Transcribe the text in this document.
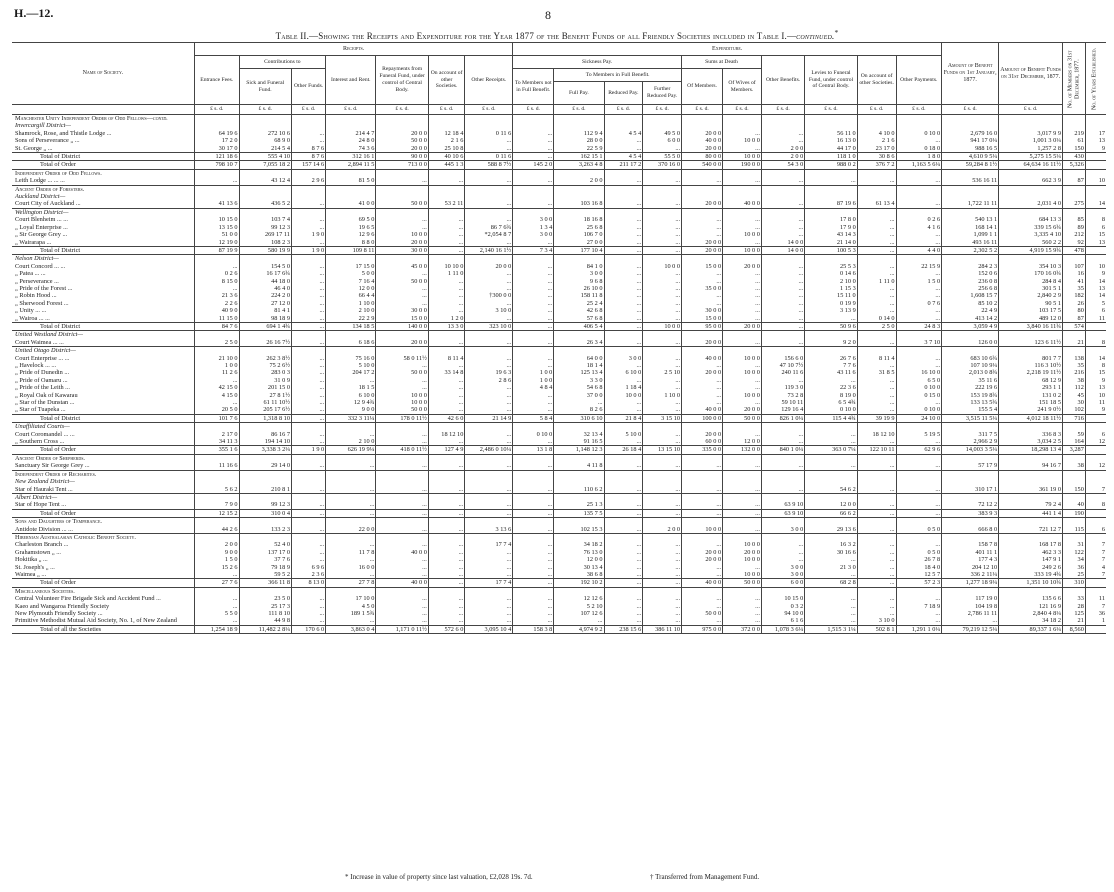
H.—12.	8
Table II.—Showing the Receipts and Expenditure for the Year 1877 of the Benefit Funds of all Friendly Societies included in Table I.—continued.*
Name of Society.	Receipts.							Expenditure.										Amount of Benefit Funds on 1st January, 1877.	Amount of Benefit Funds on 31st December, 1877.	No. of Members on 31st December, 1877.	No. of Years Established.
	Entrance Fees.	Contributions to		Interest and Rent.	Repayments from Funeral Fund, under control of Central Body.	On account of other Societies.	Other Receipts.	Sickness Pay.				Sums at Death		Other Benefits.	Levies to Funeral Fund, under control of Central Body.	On account of other Societies.	Other Payments.				
		Sick and Funeral Fund.	Other Funds.					To Members not in Full Benefit.	To Members in Full Benefit.			Of Members.	Of Wives of Members.								
									Full Pay.	Reduced Pay.	Further Reduced Pay.										
	£ s. d.	£ s. d.	£ s. d.	£ s. d.	£ s. d.	£ s. d.	£ s. d.	£ s. d.	£ s. d.	£ s. d.	£ s. d.	£ s. d.	£ s. d.	£ s. d.	£ s. d.	£ s. d.	£ s. d.	£ s. d.	£ s. d.		
Manchester Unity Independent Order of Odd Fellows—contd.																					
Invercargill District—																					
Shamrock, Rose, and Thistle Lodge ...	64 19 6	272 10 6	...	214 4 7	20 0 0	12 18 4	0 11 6	...	112 9 4	4 5 4	49 5 0	20 0 0	...	...	56 11 0	4 10 0	0 10 0	2,679 16 0	3,017 9 9	219	17
Sons of Perseverance „ ...	17 2 0	68 9 0	...	24 8 0	50 0 0	2 1 6	...	...	28 0 0	...	6 0 0	40 0 0	10 0 0	...	16 13 0	2 1 6	...	941 17 0¼	1,001 3 0¼	61	13
St. George „ ...	30 17 0	214 5 4	8 7 6	74 3 6	20 0 0	25 10 8	...	...	22 5 9	...	...	20 0 0	...	2 0 0	44 17 0	23 17 0	0 18 0	988 16 5	1,257 2 8	150	9
Total of District	121 18 6	555 4 10	8 7 6	312 16 1	90 0 0	40 10 6	0 11 6	...	162 15 1	4 5 4	55 5 0	80 0 0	10 0 0	2 0 0	118 1 0	30 8 6	1 8 0	4,610 9 5¼	5,275 15 5¼	430	
Total of Order	798 10 7	7,055 18 2	157 14 6	2,894 11 5	713 0 0	445 1 3	588 8 7½	145 2 0	3,263 4 8	211 17 2	370 16 0	540 0 0	190 0 0	54 3 0	988 0 2	376 7 2	1,163 5 6¼	59,284 8 1½	64,634 16 11½	5,326	
Independent Order of Odd Fellows.																					
Leith Lodge ... ... ...	...	43 12 4	2 9 6	81 5 0	...	...	...	...	2 0 0	...	...	...	...	...	...	...	...	536 16 11	662 3 9	87	10
Ancient Order of Foresters.																					
Auckland District—																					
Court City of Auckland ...	41 13 6	436 5 2	...	41 0 0	50 0 0	53 2 11	...	...	103 16 8	...	...	20 0 0	40 0 0	...	87 19 6	61 13 4	...	1,722 11 11	2,031 4 0	275	14
Wellington District—																					
Court Blenheim ... ...	10 15 0	103 7 4	...	69 5 0	...	...	...	3 0 0	18 16 8	...	...	...	...	...	17 8 0	...	0 2 6	540 13 1	684 13 3	85	8
„ Loyal Enterprise ...	13 15 0	99 12 3	...	19 6 5	...	...	86 7 6¾	1 3 4	25 6 8	...	...	...	...	...	17 9 0	...	4 1 6	168 14 1	339 15 6¾	89	6
„ Sir George Grey ...	51 0 0	269 17 11	1 9 0	12 9 6	10 0 0	...	*2,054 8 7	3 0 0	106 7 0	...	...	...	10 0 0	...	43 14 3	...	...	1,099 1 1	3,335 4 10	212	15
„ Wairarapa ...	12 19 0	108 2 3	...	8 8 0	20 0 0	...	...	...	27 0 0	...	...	20 0 0	...	14 0 0	21 14 0	...	...	493 16 11	560 2 2	92	13
Total of District	87 19 9	580 19 9	1 9 0	109 8 11	30 0 0	...	2,140 16 1½	7 3 4	177 10 4	...	...	20 0 0	10 0 0	14 0 0	100 5 3	...	4 4 0	2,302 5 2	4,919 15 9¾	478	
Nelson District—																					
Court Concord ... ...	...	154 5 0	...	17 15 0	45 0 0	10 10 0	20 0 0	...	84 1 0	...	10 0 0	15 0 0	20 0 0	...	25 5 3	...	22 15 9	284 2 3	354 10 3	107	10
„ Patea ... ...	0 2 6	16 17 6¾	...	5 0 0	...	1 11 0	...	...	3 0 0	...	...	...	...	...	0 14 6	...	...	152 0 6	170 16 0¾	16	9
„ Perseverance ...	8 15 0	44 18 0	...	7 16 4	50 0 0	...	...	...	9 6 8	...	...	...	...	...	2 10 0	1 11 0	1 5 0	236 0 8	284 8 4	41	14
„ Pride of the Forest ...	...	46 4 0	...	12 0 0	...	...	...	...	26 10 0	...	...	35 0 0	...	...	1 15 3	...	...	256 6 8	301 5 1	35	13
„ Robin Hood ...	21 3 6	224 2 0	...	66 4 4	...	...	†300 0 0	...	158 11 8	...	...	...	...	...	15 11 0	...	...	1,608 15 7	2,840 2 9	182	14
„ Sherwood Forest ...	2 2 6	27 12 0	...	1 10 0	...	...	...	...	25 2 4	...	...	...	...	...	0 19 9	...	0 7 6	85 10 2	90 5 1	26	5
„ Unity ... ...	40 9 0	81 4 1	...	2 10 0	30 0 0	...	3 10 0	...	42 6 8	...	...	30 0 0	...	...	3 13 9	...	...	22 4 9	103 17 5	80	6
„ Wairoa ... ...	11 15 0	98 18 9	...	22 2 9	15 0 0	1 2 0	...	...	57 6 8	...	...	15 0 0	...	...	...	0 14 0	...	413 14 2	489 12 0	87	11
Total of District	84 7 6	694 1 4¾	...	134 18 5	140 0 0	13 3 0	323 10 0	...	406 5 4	...	10 0 0	95 0 0	20 0 0	...	50 9 6	2 5 0	24 8 3	3,059 4 9	3,840 16 11¾	574	
United Westland District—																					
Court Waimea ... ...	2 5 0	26 16 7½	...	6 18 6	20 0 0	...	...	...	26 3 4	...	...	20 0 0	...	...	9 2 0	...	3 7 10	126 0 0	123 6 11½	21	8
United Otago District—																					
Court Enterprise ... ...	21 10 0	262 3 8½	...	75 16 0	58 0 11½	8 11 4	...	...	64 0 0	3 0 0	...	40 0 0	10 0 0	156 6 0	26 7 6	8 11 4	...	683 10 6¾	801 7 7	138	14
„ Havelock ... ...	1 0 0	75 2 6½	...	5 10 0	...	...	...	...	18 1 4	...	...	...	...	47 10 7½	7 7 6	...	...	107 10 9¼	116 3 10½	35	8
„ Pride of Dunedin ...	11 2 6	283 0 3	...	204 17 2	50 0 0	33 14 8	19 6 3	1 0 0	125 13 4	6 10 0	2 5 10	20 0 0	10 0 0	240 11 6	43 11 6	31 8 5	16 10 0	2,013 0 8¾	2,218 19 11½	216	15
„ Pride of Oamaru ...	...	31 0 9	...	...	...	...	2 8 6	1 0 0	3 3 0	...	...	...	...	...	...	...	6 5 0	35 11 6	68 12 9	38	9
„ Pride of the Leith ...	42 15 0	201 15 0	...	18 1 5	...	...	...	4 8 4	54 6 8	1 18 4	...	...	...	119 3 0	22 3 6	...	0 10 0	222 19 6	293 1 1	112	13
„ Royal Oak of Kawarau	4 15 0	27 8 1½	...	6 10 0	10 0 0	...	...	...	37 0 0	10 0 0	1 10 0	...	10 0 0	73 2 8	8 19 0	...	0 15 0	153 19 8¾	131 0 2	45	10
„ Star of the Dunstan ...	...	61 11 10½	...	12 9 4¾	10 0 0	...	...	...	...	...	...	...	...	59 10 11	6 5 4¾	...	...	133 13 5¾	151 18 5	30	11
„ Star of Tuapeka ...	20 5 0	205 17 6½	...	9 0 0	50 0 0	...	...	...	8 2 6	...	...	40 0 0	20 0 0	129 16 4	0 10 0	...	0 10 0	155 5 4	241 9 0½	102	9
Total of District	101 7 6	1,318 8 10	...	332 3 11¼	178 0 11½	42 6 0	21 14 9	5 8 4	310 6 10	21 8 4	3 15 10	100 0 0	50 0 0	826 1 0¼	115 4 4¾	39 19 9	24 10 0	3,515 11 5¼	4,012 18 11½	716	
Unaffiliated Courts—																					
Court Coromandel ... ...	2 17 0	86 16 7	...	...	...	18 12 10	...	0 10 0	32 13 4	5 10 0	...	20 0 0	...	...	...	18 12 10	5 19 5	311 7 5	336 8 3	59	6
„ Southern Cross ...	34 11 3	194 14 10	...	2 10 0	...	...	...	...	91 16 5	...	...	60 0 0	12 0 0	...	...	...	...	2,966 2 9	3,034 2 5	164	12
Total of Order	355 1 6	3,338 3 2¼	1 9 0	626 19 9¼	418 0 11½	127 4 9	2,486 0 10¼	13 1 8	1,148 12 3	26 18 4	13 15 10	335 0 0	132 0 0	840 1 0¼	363 0 7¼	122 10 11	62 9 6	14,003 3 5¼	18,298 13 4	3,287	
Ancient Order of Shepherds.																					
Sanctuary Sir George Grey ...	11 16 6	29 14 0	...	...	...	...	...	...	4 11 8	...	...	...	...	...	...	...	...	57 17 9	94 16 7	38	12
Independent Order of Rechabites.																					
New Zealand District—																					
Star of Hauraki Tent ...	5 6 2	210 8 1	...	...	...	...	...	...	110 6 2	...	...	...	...	...	54 6 2	...	...	310 17 1	361 19 0	150	7
Albert District—																					
Star of Hope Tent ...	7 9 0	99 12 3	...	...	...	...	...	...	25 1 3	...	...	...	...	63 9 10	12 0 0	...	...	72 12 2	79 2 4	40	8
Total of Order	12 15 2	310 0 4	...	...	...	...	...	...	135 7 5	...	...	...	...	63 9 10	66 6 2	...	...	383 9 3	441 1 4	190	
Sons and Daughters of Temperance.																					
Antidote Division ... ...	44 2 6	133 2 3	...	22 0 0	...	...	3 13 6	...	102 15 3	...	2 0 0	10 0 0	...	3 0 0	29 13 6	...	0 5 0	666 8 0	721 12 7	115	6
Hibernian Australasian Catholic Benefit Society.																					
Charleston Branch ...	2 0 0	52 4 0	...	...	...	...	17 7 4	...	34 18 2	...	...	...	10 0 0	...	16 3 2	...	...	158 7 8	168 17 8	31	7
Grahamstown „ ...	9 0 0	137 17 0	...	11 7 8	40 0 0	...	...	...	76 13 0	...	...	20 0 0	20 0 0	...	30 16 6	...	0 5 0	401 11 1	462 3 3	122	7
Hokitika „ ...	1 5 0	37 7 6	...	...	...	...	...	...	12 0 0	...	...	20 0 0	10 0 0	...	...	...	26 7 8	177 4 3	147 9 1	34	7
St. Joseph's „ ...	15 2 6	79 18 9	6 9 6	16 0 0	...	...	...	...	30 13 4	...	...	...	...	3 0 0	21 3 0	...	18 4 0	204 12 10	249 2 6	36	4
Waimea „ ...	...	59 5 2	2 3 6	...	...	...	...	...	38 6 8	...	...	...	10 0 0	3 0 0	...	...	12 5 7	336 2 11¼	333 19 4¾	25	7
Total of Order	27 7 6	366 11 8	8 13 0	27 7 8	40 0 0	...	17 7 4	...	192 10 2	...	...	40 0 0	50 0 0	6 0 0	68 2 8	...	57 2 3	1,277 18 9¼	1,351 10 10¾	310	
Miscellaneous Societies.																					
Central Volunteer Fire Brigade Sick and Accident Fund ...	...	23 5 0	...	17 10 0	...	...	...	...	12 12 6	...	...	...	...	10 15 0	...	...	...	117 19 0	135 6 6	33	11
Kaeo and Wangaroa Friendly Society	...	25 17 3	...	4 5 0	...	...	...	...	5 2 10	...	...	...	...	0 3 2	...	...	7 18 9	104 19 8	121 16 9	28	7
New Plymouth Friendly Society ...	5 5 0	111 8 10	...	189 1 5¾	...	...	...	...	107 12 6	...	...	50 0 0	...	94 10 0	...	...	...	2,786 11 11	2,840 4 8¼	125	36
Primitive Methodist Mutual Aid Society, No. 1, of New Zealand	...	44 9 8	...	...	...	...	...	...	...	...	...	...	...	6 1 6	...	3 10 0	...	...	34 18 2	21	1
Total of all the Societies	1,254 18 9	11,482 2 8¼	170 6 0	3,863 0 4	1,171 0 11½	572 6 0	3,095 10 4	158 3 8	4,974 9 2	238 15 6	386 11 10	975 0 0	372 0 0	1,078 3 6¼	1,515 3 1¼	502 8 1	1,291 1 0¼	79,219 12 5¼	89,337 1 6¼	8,560	
* Increase in value of property since last valuation, £2,028 19s. 7d.	† Transferred from Management Fund.
